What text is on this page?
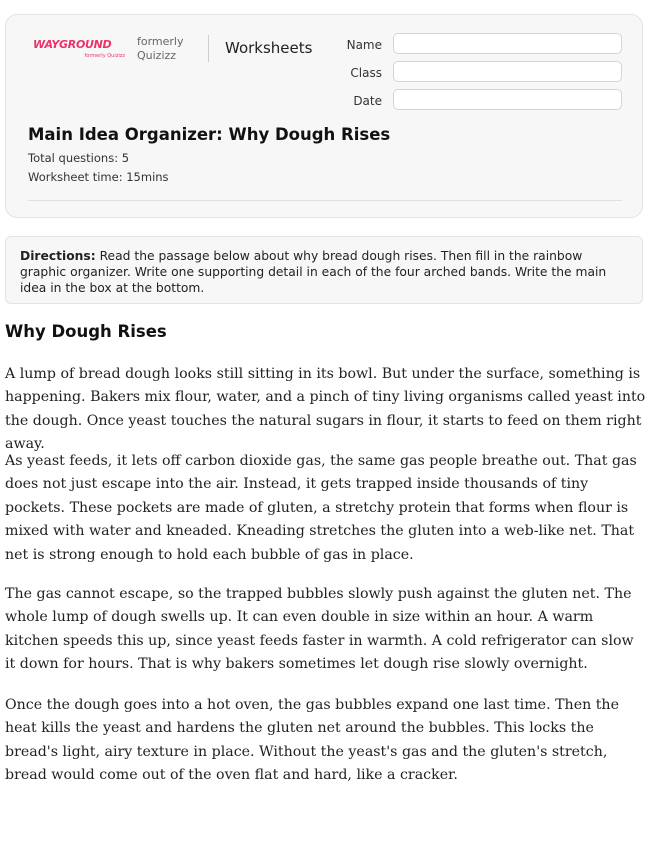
WAYGROUND
formerly Quizizz
formerly Quizizz	Worksheets	Name
Class
Date
Main Idea Organizer: Why Dough Rises
Total questions: 5
Worksheet time: 15mins
Directions: Read the passage below about why bread dough rises. Then fill in the rainbow graphic organizer. Write one supporting detail in each of the four arched bands. Write the main idea in the box at the bottom.
Why Dough Rises

A lump of bread dough looks still sitting in its bowl. But under the surface, something is happening. Bakers mix flour, water, and a pinch of tiny living organisms called yeast into the dough. Once yeast touches the natural sugars in flour, it starts to feed on them right away.

As yeast feeds, it lets off carbon dioxide gas, the same gas people breathe out. That gas does not just escape into the air. Instead, it gets trapped inside thousands of tiny pockets. These pockets are made of gluten, a stretchy protein that forms when flour is mixed with water and kneaded. Kneading stretches the gluten into a web-like net. That net is strong enough to hold each bubble of gas in place.

The gas cannot escape, so the trapped bubbles slowly push against the gluten net. The whole lump of dough swells up. It can even double in size within an hour. A warm kitchen speeds this up, since yeast feeds faster in warmth. A cold refrigerator can slow it down for hours. That is why bakers sometimes let dough rise slowly overnight.

Once the dough goes into a hot oven, the gas bubbles expand one last time. Then the heat kills the yeast and hardens the gluten net around the bubbles. This locks the bread's light, airy texture in place. Without the yeast's gas and the gluten's stretch, bread would come out of the oven flat and hard, like a cracker.
